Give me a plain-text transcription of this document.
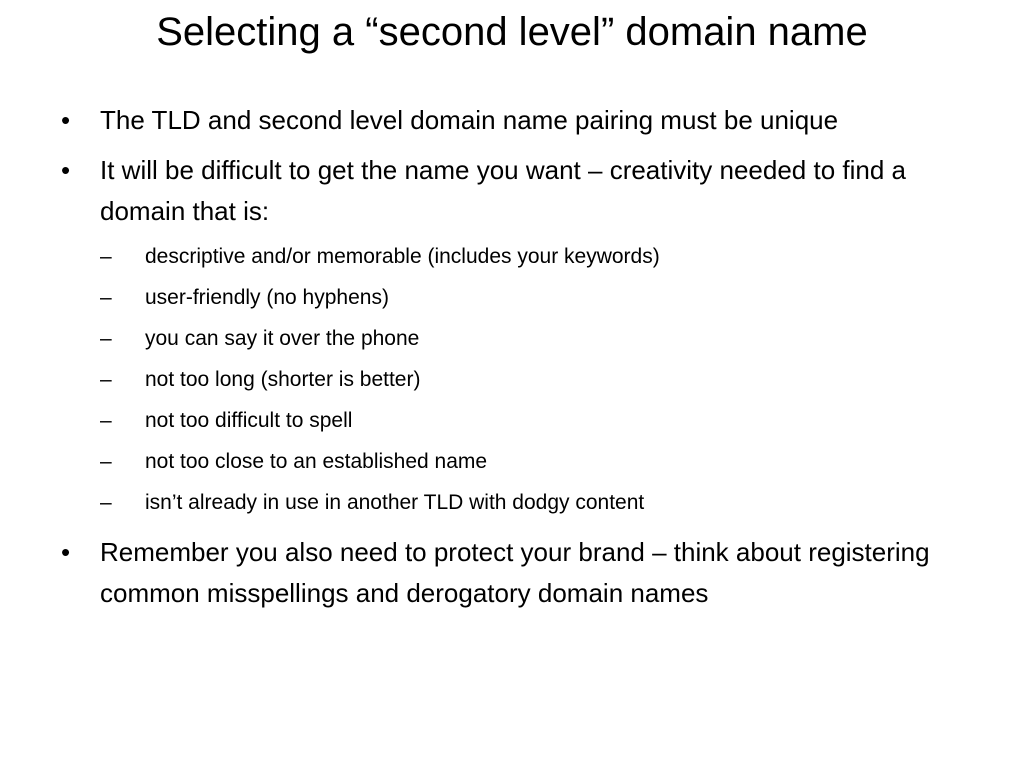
Selecting a “second level” domain name
• The TLD and second level domain name pairing must be unique
• It will be difficult to get the name you want – creativity needed to find a domain that is:
– descriptive and/or memorable (includes your keywords)
– user-friendly (no hyphens)
– you can say it over the phone
– not too long (shorter is better)
– not too difficult to spell
– not too close to an established name
– isn’t already in use in another TLD with dodgy content
• Remember you also need to protect your brand – think about registering common misspellings and derogatory domain names
